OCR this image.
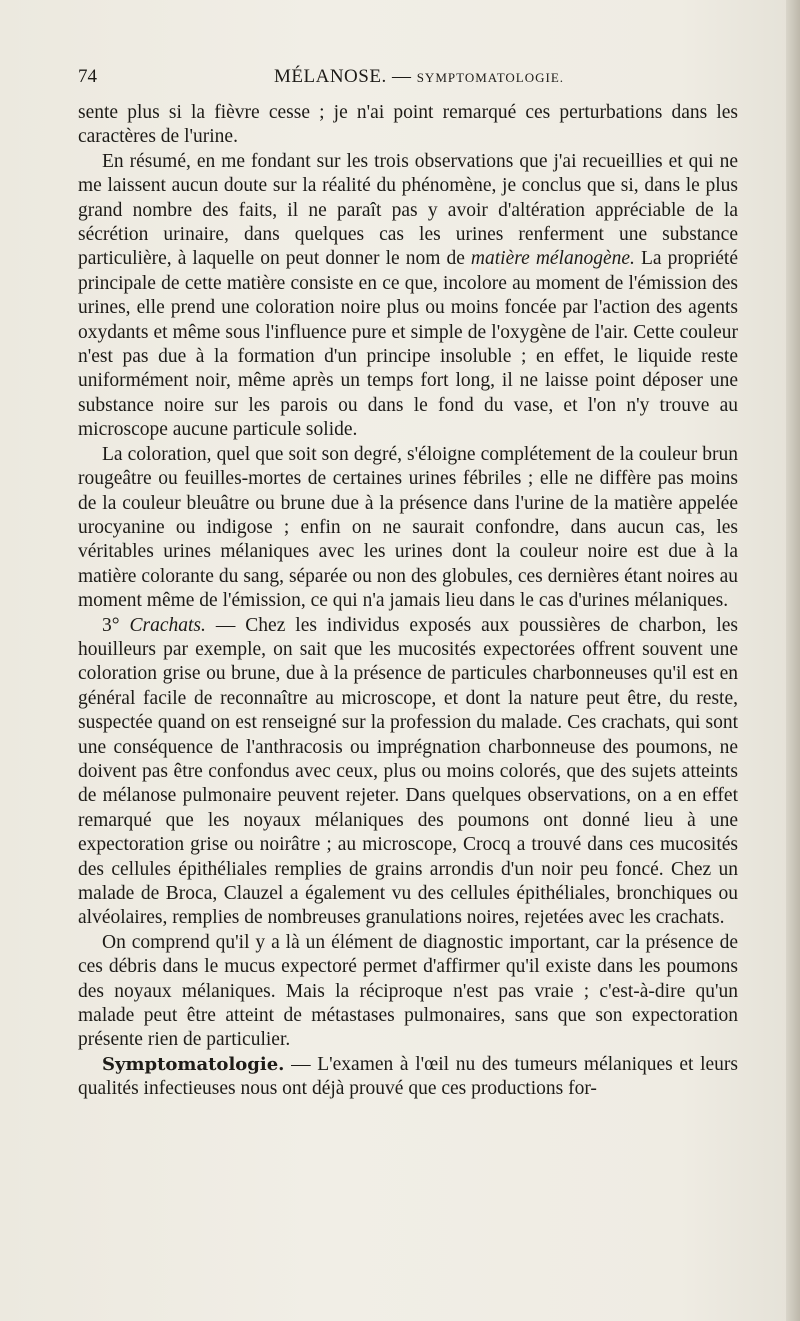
74	MÉLANOSE. — SYMPTOMATOLOGIE.

sente plus si la fièvre cesse ; je n'ai point remarqué ces perturbations dans les caractères de l'urine.

En résumé, en me fondant sur les trois observations que j'ai recueillies et qui ne me laissent aucun doute sur la réalité du phénomène, je conclus que si, dans le plus grand nombre des faits, il ne paraît pas y avoir d'altération appréciable de la sécrétion urinaire, dans quelques cas les urines renferment une substance particulière, à laquelle on peut donner le nom de matière mélanogène. La propriété principale de cette matière consiste en ce que, incolore au moment de l'émission des urines, elle prend une coloration noire plus ou moins foncée par l'action des agents oxydants et même sous l'influence pure et simple de l'oxygène de l'air. Cette couleur n'est pas due à la formation d'un principe insoluble ; en effet, le liquide reste uniformément noir, même après un temps fort long, il ne laisse point déposer une substance noire sur les parois ou dans le fond du vase, et l'on n'y trouve au microscope aucune particule solide.

La coloration, quel que soit son degré, s'éloigne complétement de la couleur brun rougeâtre ou feuilles-mortes de certaines urines fébriles ; elle ne diffère pas moins de la couleur bleuâtre ou brune due à la présence dans l'urine de la matière appelée urocyanine ou indigose ; enfin on ne saurait confondre, dans aucun cas, les véritables urines mélaniques avec les urines dont la couleur noire est due à la matière colorante du sang, séparée ou non des globules, ces dernières étant noires au moment même de l'émission, ce qui n'a jamais lieu dans le cas d'urines mélaniques.

3° Crachats. — Chez les individus exposés aux poussières de charbon, les houilleurs par exemple, on sait que les mucosités expectorées offrent souvent une coloration grise ou brune, due à la présence de particules charbonneuses qu'il est en général facile de reconnaître au microscope, et dont la nature peut être, du reste, suspectée quand on est renseigné sur la profession du malade. Ces crachats, qui sont une conséquence de l'anthracosis ou imprégnation charbonneuse des poumons, ne doivent pas être confondus avec ceux, plus ou moins colorés, que des sujets atteints de mélanose pulmonaire peuvent rejeter. Dans quelques observations, on a en effet remarqué que les noyaux mélaniques des poumons ont donné lieu à une expectoration grise ou noirâtre ; au microscope, Crocq a trouvé dans ces mucosités des cellules épithéliales remplies de grains arrondis d'un noir peu foncé. Chez un malade de Broca, Clauzel a également vu des cellules épithéliales, bronchiques ou alvéolaires, remplies de nombreuses granulations noires, rejetées avec les crachats.

On comprend qu'il y a là un élément de diagnostic important, car la présence de ces débris dans le mucus expectoré permet d'affirmer qu'il existe dans les poumons des noyaux mélaniques. Mais la réciproque n'est pas vraie ; c'est-à-dire qu'un malade peut être atteint de métastases pulmonaires, sans que son expectoration présente rien de particulier.

Symptomatologie. — L'examen à l'œil nu des tumeurs mélaniques et leurs qualités infectieuses nous ont déjà prouvé que ces productions for-
